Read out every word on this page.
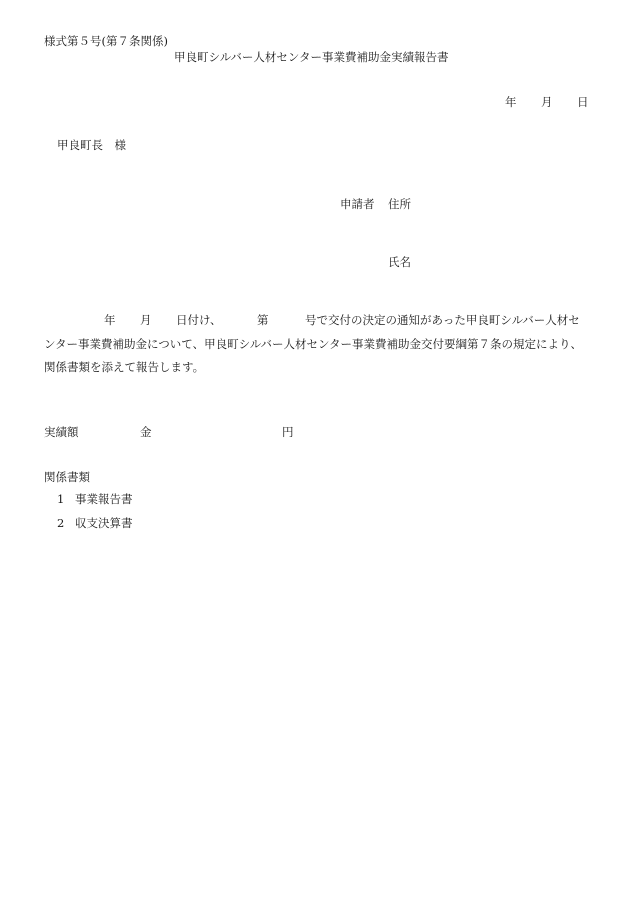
様式第５号(第７条関係)
甲良町シルバー人材センター事業費補助金実績報告書
年 月 日
甲良町長　様
申請者 住所
氏名
年 月 日付け、	第	号で交付の決定の通知があった甲良町シルバー人材セ
ンター事業費補助金について、甲良町シルバー人材センター事業費補助金交付要綱第７条の規定により、
関係書類を添えて報告します。
実績額	金	円
関係書類
1 事業報告書
2 収支決算書
